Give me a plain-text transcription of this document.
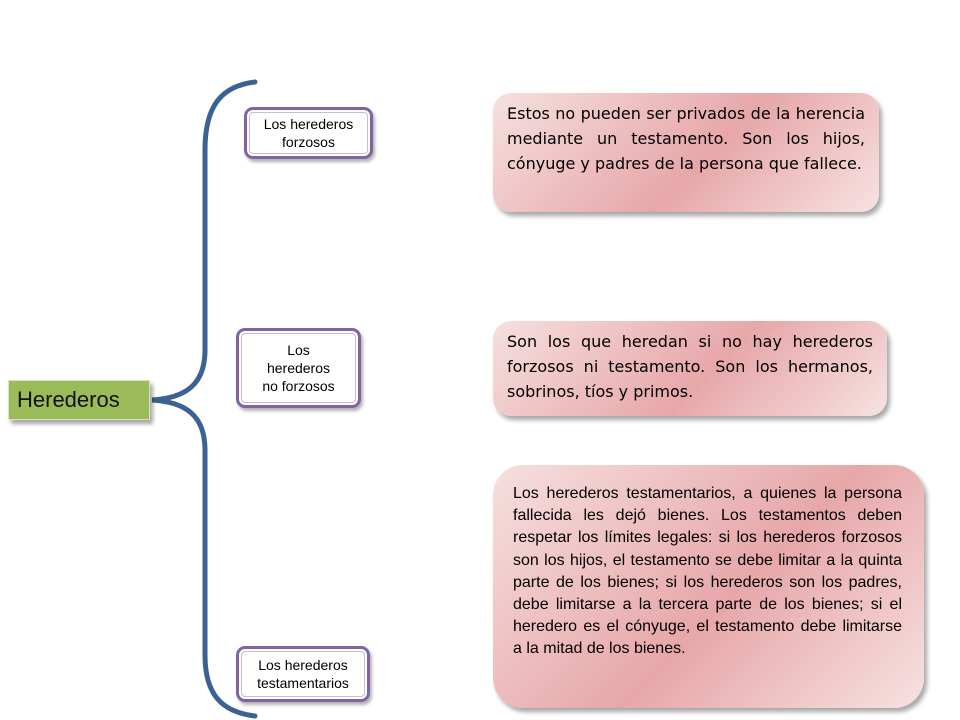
Herederos
Los herederos forzosos
Los herederos no forzosos
Los herederos testamentarios

Estos no pueden ser privados de la herencia mediante un testamento. Son los hijos, cónyuge y padres de la persona que fallece.

Son los que heredan si no hay herederos forzosos ni testamento. Son los hermanos, sobrinos, tíos y primos.

Los herederos testamentarios, a quienes la persona fallecida les dejó bienes. Los testamentos deben respetar los límites legales: si los herederos forzosos son los hijos, el testamento se debe limitar a la quinta parte de los bienes; si los herederos son los padres, debe limitarse a la tercera parte de los bienes; si el heredero es el cónyuge, el testamento debe limitarse a la mitad de los bienes.
